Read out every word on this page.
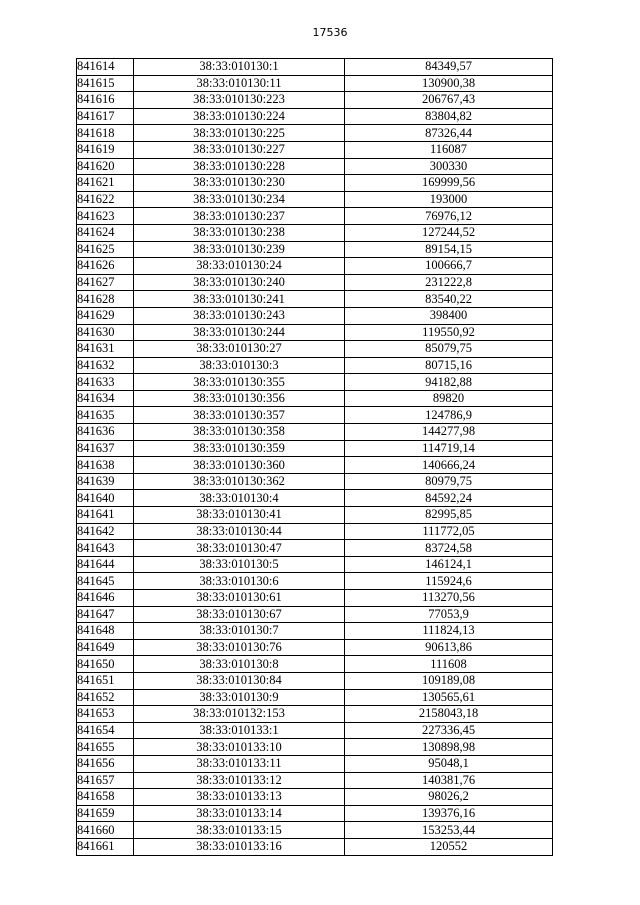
17536
841614	38:33:010130:1	84349,57
841615	38:33:010130:11	130900,38
841616	38:33:010130:223	206767,43
841617	38:33:010130:224	83804,82
841618	38:33:010130:225	87326,44
841619	38:33:010130:227	116087
841620	38:33:010130:228	300330
841621	38:33:010130:230	169999,56
841622	38:33:010130:234	193000
841623	38:33:010130:237	76976,12
841624	38:33:010130:238	127244,52
841625	38:33:010130:239	89154,15
841626	38:33:010130:24	100666,7
841627	38:33:010130:240	231222,8
841628	38:33:010130:241	83540,22
841629	38:33:010130:243	398400
841630	38:33:010130:244	119550,92
841631	38:33:010130:27	85079,75
841632	38:33:010130:3	80715,16
841633	38:33:010130:355	94182,88
841634	38:33:010130:356	89820
841635	38:33:010130:357	124786,9
841636	38:33:010130:358	144277,98
841637	38:33:010130:359	114719,14
841638	38:33:010130:360	140666,24
841639	38:33:010130:362	80979,75
841640	38:33:010130:4	84592,24
841641	38:33:010130:41	82995,85
841642	38:33:010130:44	111772,05
841643	38:33:010130:47	83724,58
841644	38:33:010130:5	146124,1
841645	38:33:010130:6	115924,6
841646	38:33:010130:61	113270,56
841647	38:33:010130:67	77053,9
841648	38:33:010130:7	111824,13
841649	38:33:010130:76	90613,86
841650	38:33:010130:8	111608
841651	38:33:010130:84	109189,08
841652	38:33:010130:9	130565,61
841653	38:33:010132:153	2158043,18
841654	38:33:010133:1	227336,45
841655	38:33:010133:10	130898,98
841656	38:33:010133:11	95048,1
841657	38:33:010133:12	140381,76
841658	38:33:010133:13	98026,2
841659	38:33:010133:14	139376,16
841660	38:33:010133:15	153253,44
841661	38:33:010133:16	120552
